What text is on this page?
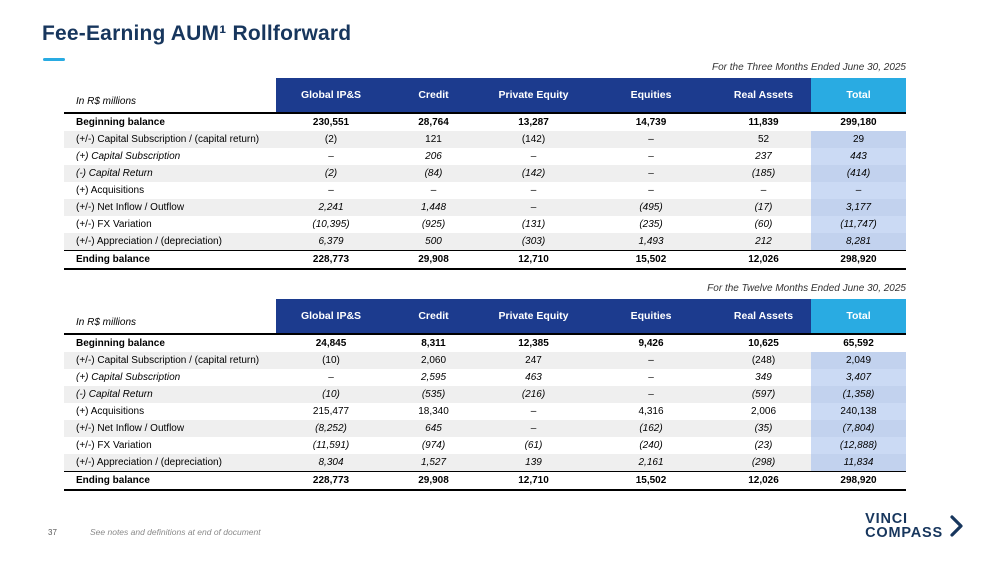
Fee-Earning AUM¹ Rollforward
For the Three Months Ended June 30, 2025
In R$ millions	Global IP&S	Credit	Private Equity	Equities	Real Assets	Total
Beginning balance	230,551	28,764	13,287	14,739	11,839	299,180
(+/-) Capital Subscription / (capital return)	(2)	121	(142)	–	52	29
(+) Capital Subscription	–	206	–	–	237	443
(-) Capital Return	(2)	(84)	(142)	–	(185)	(414)
(+) Acquisitions	–	–	–	–	–	–
(+/-) Net Inflow / Outflow	2,241	1,448	–	(495)	(17)	3,177
(+/-) FX Variation	(10,395)	(925)	(131)	(235)	(60)	(11,747)
(+/-) Appreciation / (depreciation)	6,379	500	(303)	1,493	212	8,281
Ending balance	228,773	29,908	12,710	15,502	12,026	298,920
For the Twelve Months Ended June 30, 2025
In R$ millions	Global IP&S	Credit	Private Equity	Equities	Real Assets	Total
Beginning balance	24,845	8,311	12,385	9,426	10,625	65,592
(+/-) Capital Subscription / (capital return)	(10)	2,060	247	–	(248)	2,049
(+) Capital Subscription	–	2,595	463	–	349	3,407
(-) Capital Return	(10)	(535)	(216)	–	(597)	(1,358)
(+) Acquisitions	215,477	18,340	–	4,316	2,006	240,138
(+/-) Net Inflow / Outflow	(8,252)	645	–	(162)	(35)	(7,804)
(+/-) FX Variation	(11,591)	(974)	(61)	(240)	(23)	(12,888)
(+/-) Appreciation / (depreciation)	8,304	1,527	139	2,161	(298)	11,834
Ending balance	228,773	29,908	12,710	15,502	12,026	298,920
37	See notes and definitions at end of document
VINCI
COMPASS
